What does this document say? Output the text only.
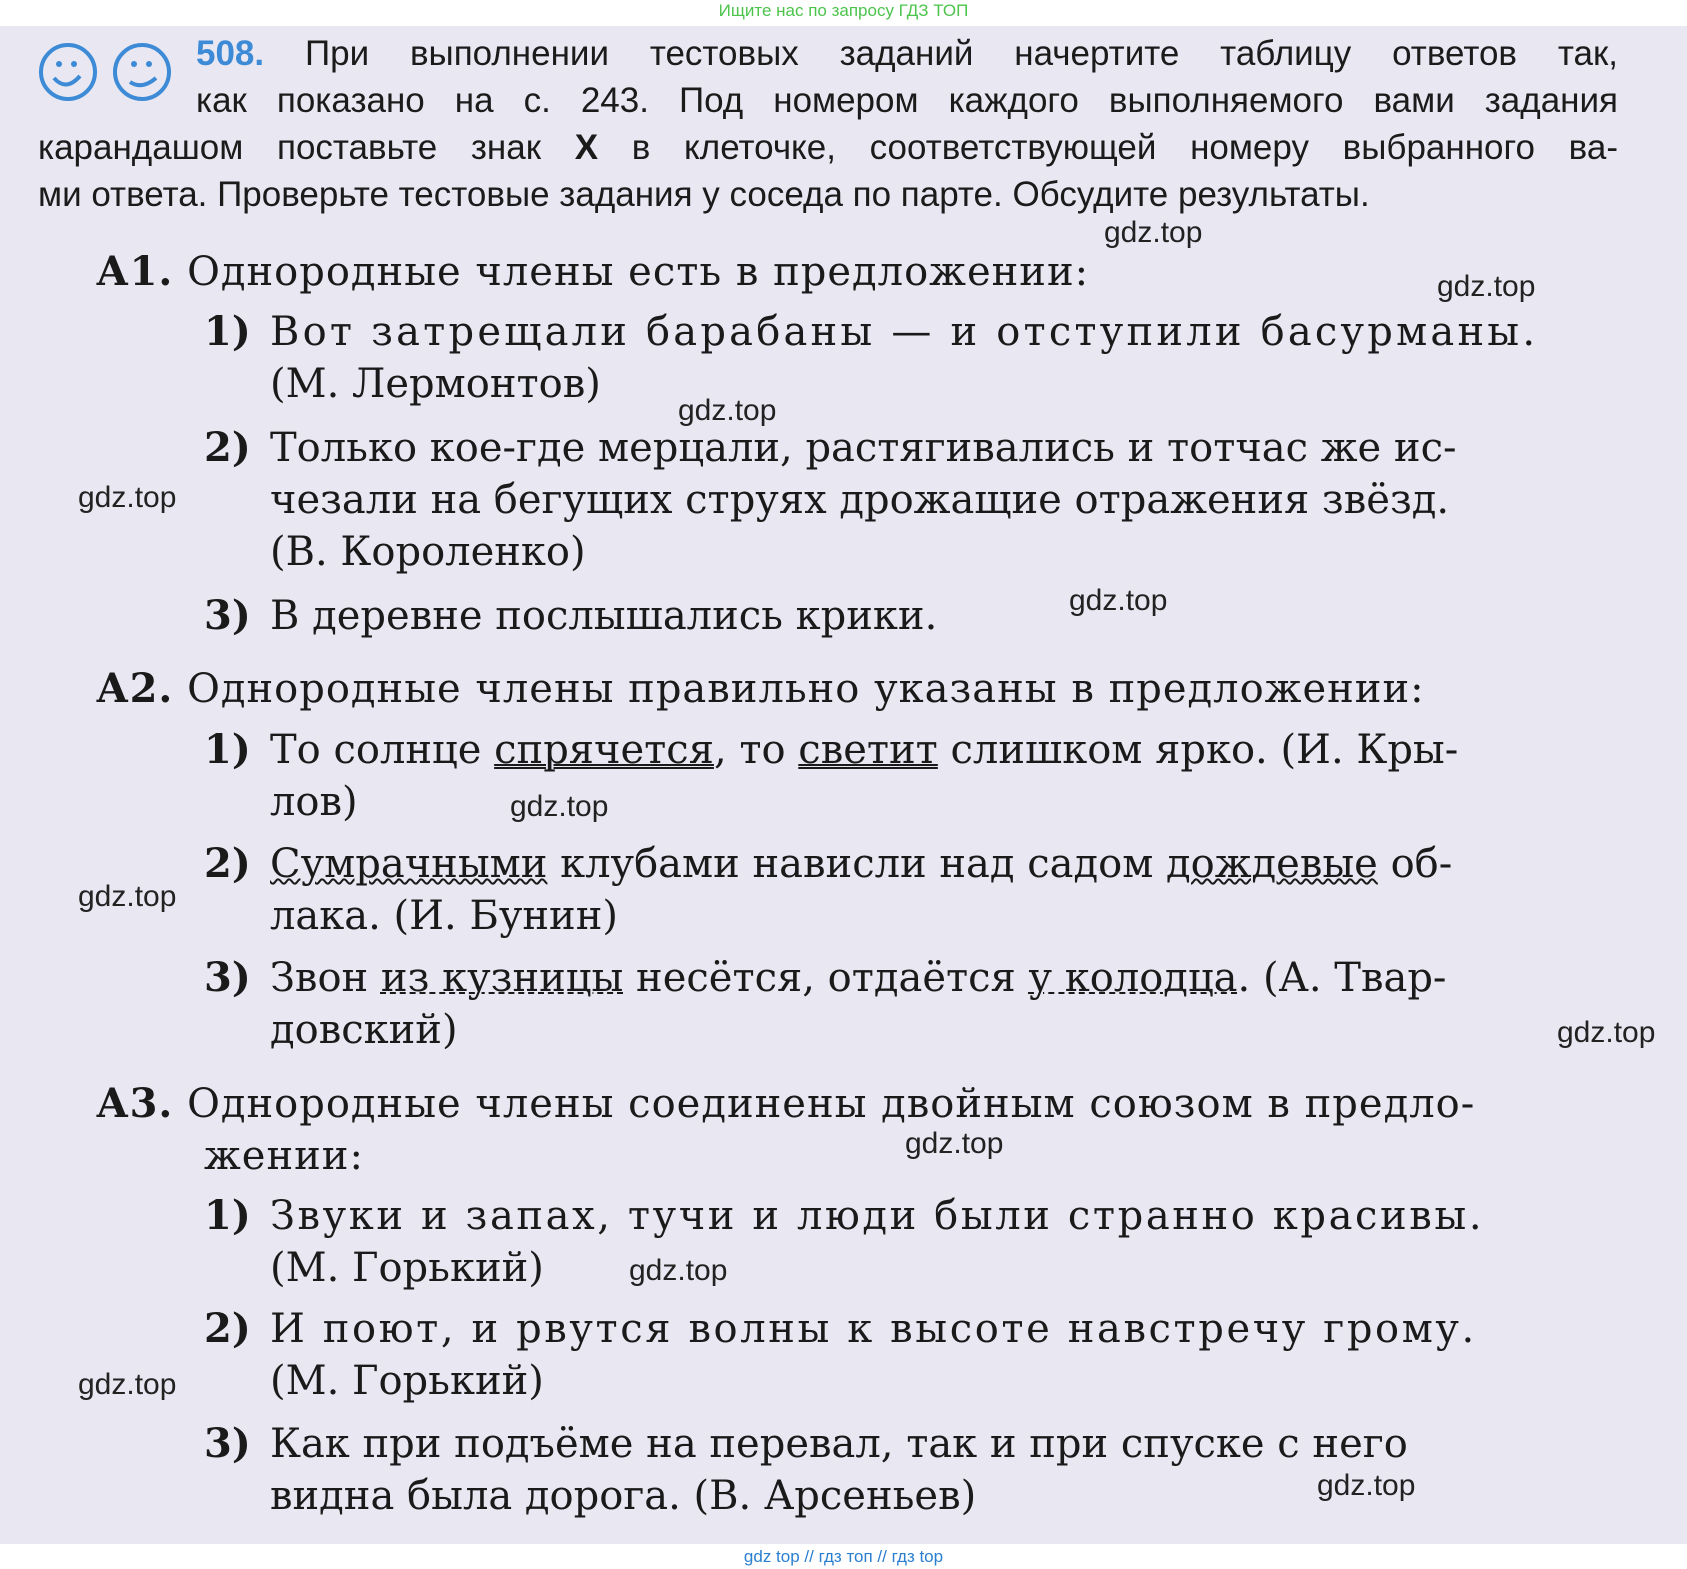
Ищите нас по запросу ГДЗ ТОП
508. При выполнении тестовых заданий начертите таблицу ответов так,
как показано на с. 243. Под номером каждого выполняемого вами задания
карандашом поставьте знак X в клеточке, соответствующей номеру выбранного ва-
ми ответа. Проверьте тестовые задания у соседа по парте. Обсудите результаты.
А1. Однородные члены есть в предложении:
1) Вот затрещали барабаны — и отступили басурманы.
(М. Лермонтов)
2) Только кое-где мерцали, растягивались и тотчас же ис-
чезали на бегущих струях дрожащие отражения звёзд.
(В. Короленко)
3) В деревне послышались крики.
А2. Однородные члены правильно указаны в предложении:
1) То солнце спрячется, то светит слишком ярко. (И. Кры-
лов)
2) Сумрачными клубами нависли над садом дождевые об-
лака. (И. Бунин)
3) Звон из кузницы несётся, отдаётся у колодца. (А. Твар-
довский)
А3. Однородные члены соединены двойным союзом в предло-
жении:
1) Звуки и запах, тучи и люди были странно красивы.
(М. Горький)
2) И поют, и рвутся волны к высоте навстречу грому.
(М. Горький)
3) Как при подъёме на перевал, так и при спуске с него
видна была дорога. (В. Арсеньев)
gdz.top
gdz.top
gdz.top
gdz.top
gdz.top
gdz.top
gdz.top
gdz.top
gdz.top
gdz.top
gdz.top
gdz.top
gdz top // гдз топ // гдз top
